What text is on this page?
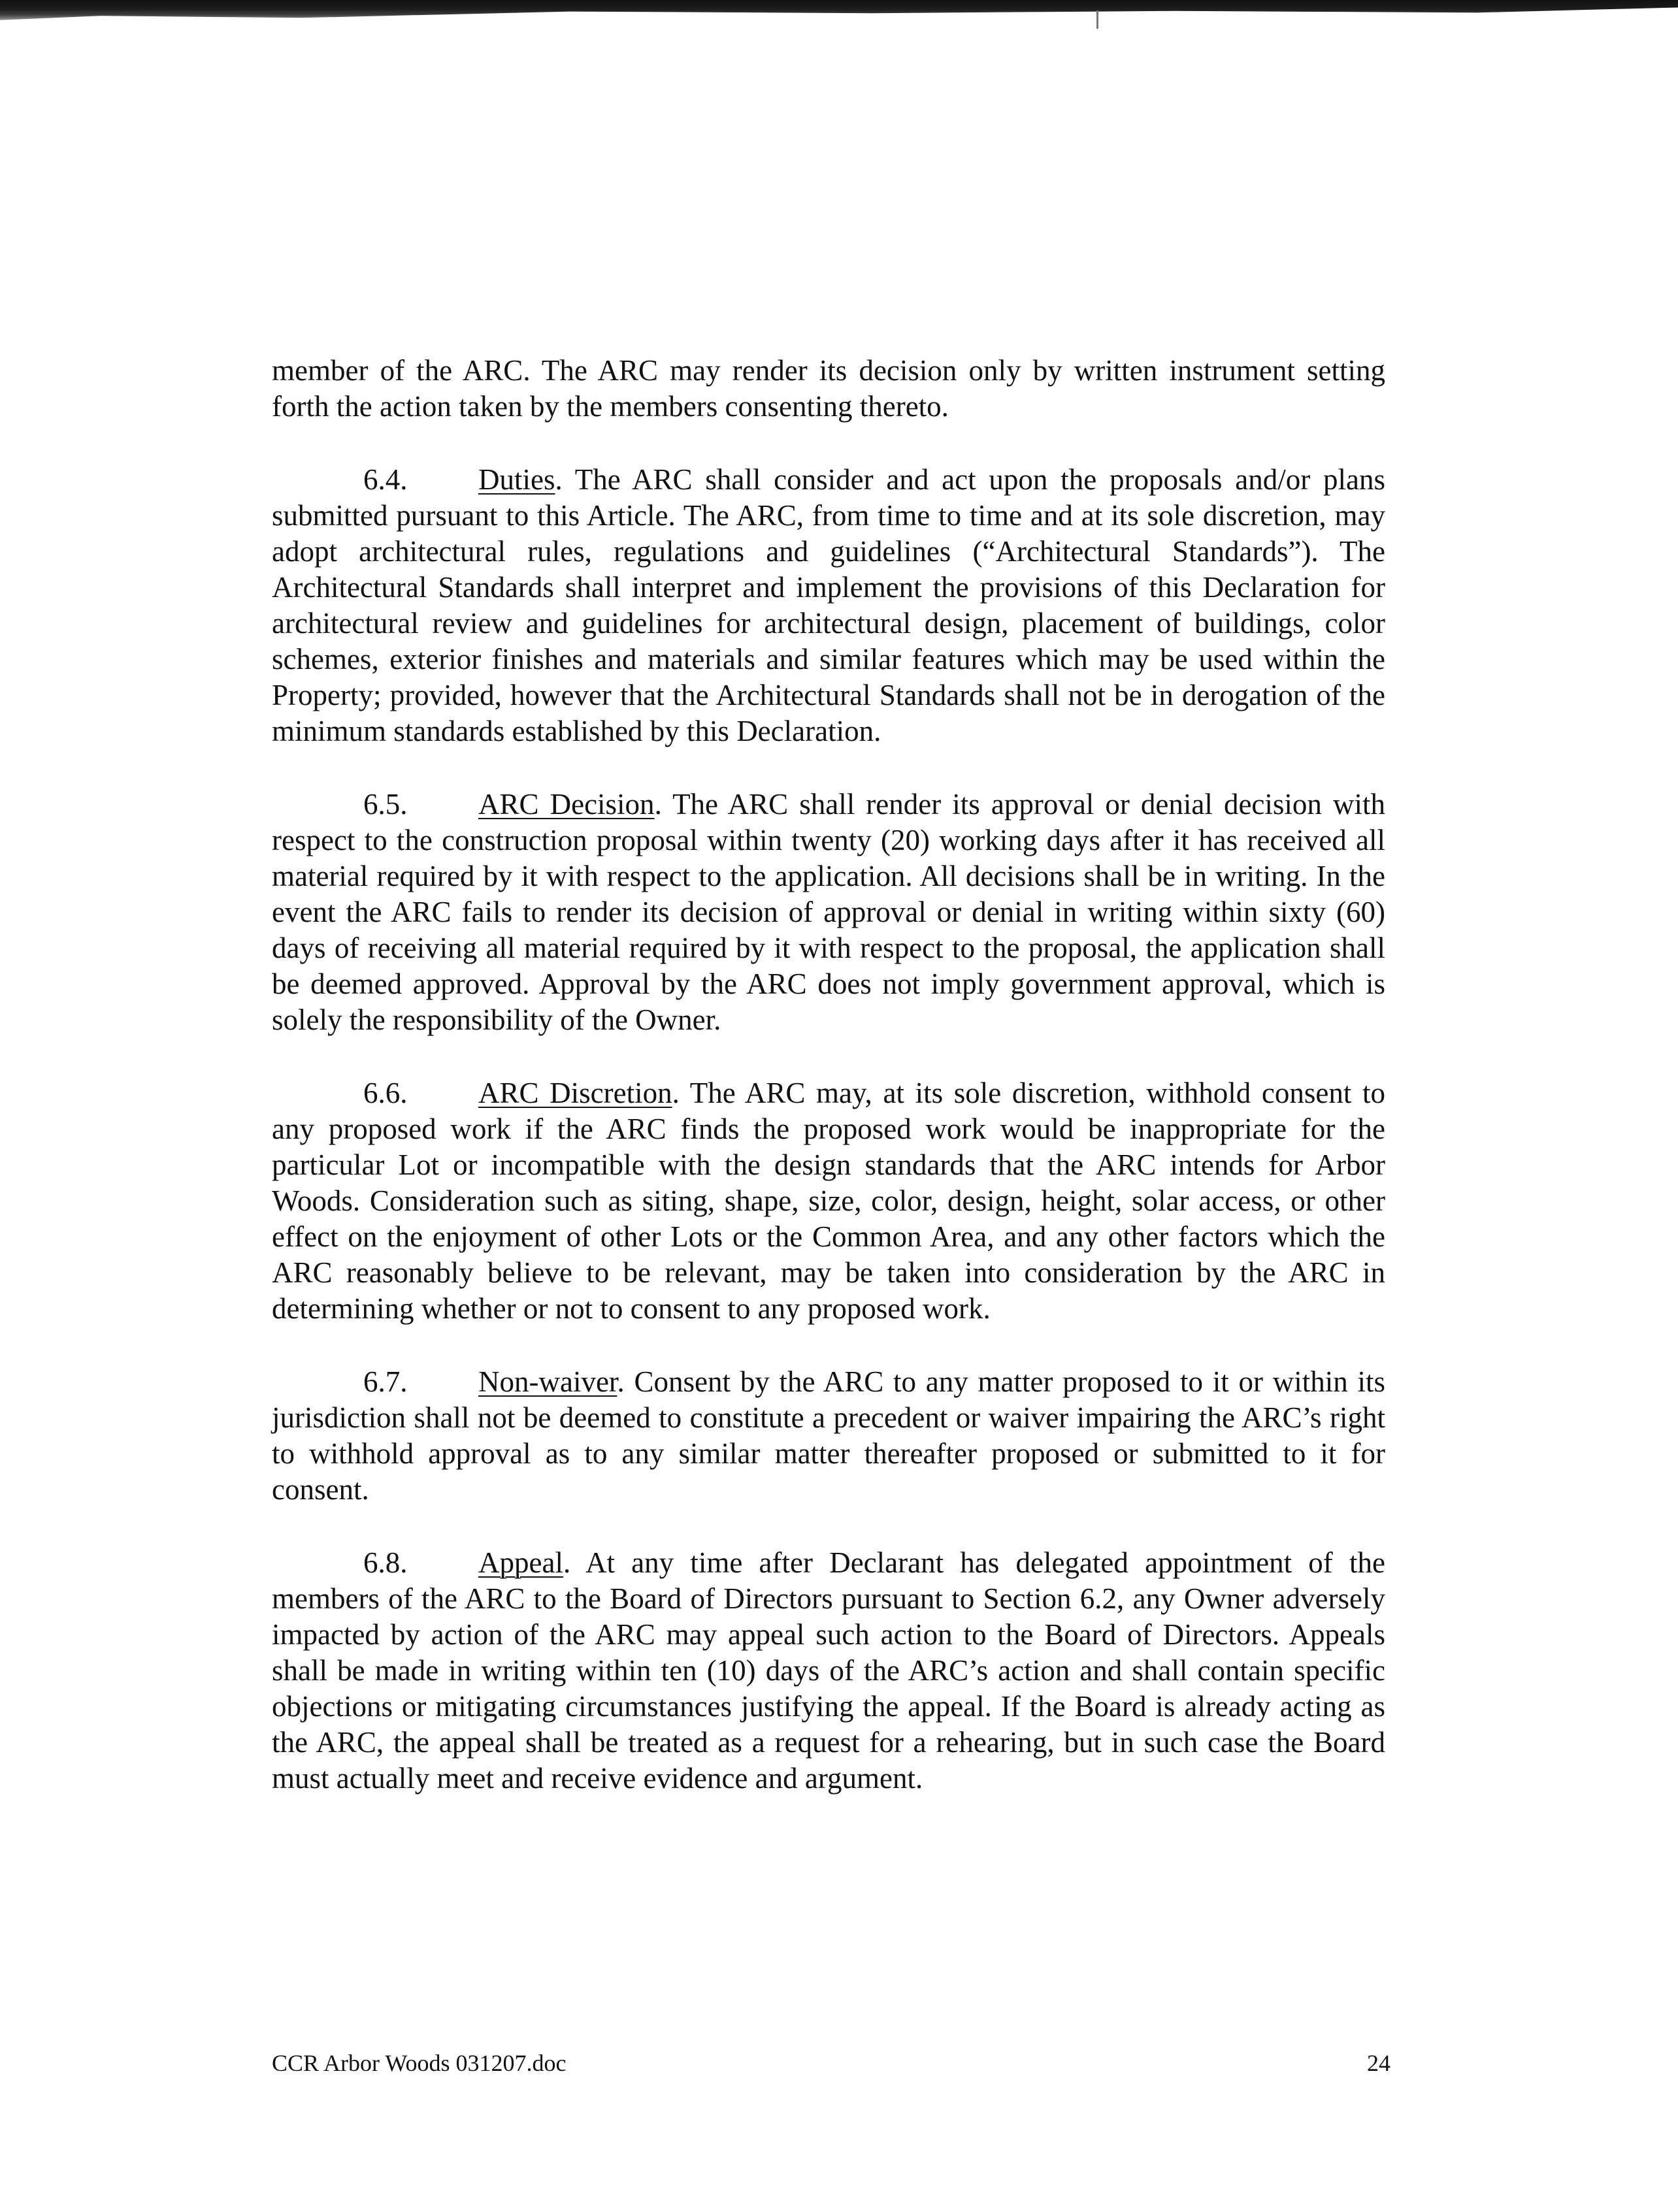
member of the ARC. The ARC may render its decision only by written instrument setting forth the action taken by the members consenting thereto.

6.4. Duties. The ARC shall consider and act upon the proposals and/or plans submitted pursuant to this Article. The ARC, from time to time and at its sole discretion, may adopt architectural rules, regulations and guidelines (“Architectural Standards”). The Architectural Standards shall interpret and implement the provisions of this Declaration for architectural review and guidelines for architectural design, placement of buildings, color schemes, exterior finishes and materials and similar features which may be used within the Property; provided, however that the Architectural Standards shall not be in derogation of the minimum standards established by this Declaration.

6.5. ARC Decision. The ARC shall render its approval or denial decision with respect to the construction proposal within twenty (20) working days after it has received all material required by it with respect to the application. All decisions shall be in writing. In the event the ARC fails to render its decision of approval or denial in writing within sixty (60) days of receiving all material required by it with respect to the proposal, the application shall be deemed approved. Approval by the ARC does not imply government approval, which is solely the responsibility of the Owner.

6.6. ARC Discretion. The ARC may, at its sole discretion, withhold consent to any proposed work if the ARC finds the proposed work would be inappropriate for the particular Lot or incompatible with the design standards that the ARC intends for Arbor Woods. Consideration such as siting, shape, size, color, design, height, solar access, or other effect on the enjoyment of other Lots or the Common Area, and any other factors which the ARC reasonably believe to be relevant, may be taken into consideration by the ARC in determining whether or not to consent to any proposed work.

6.7. Non-waiver. Consent by the ARC to any matter proposed to it or within its jurisdiction shall not be deemed to constitute a precedent or waiver impairing the ARC’s right to withhold approval as to any similar matter thereafter proposed or submitted to it for consent.

6.8. Appeal. At any time after Declarant has delegated appointment of the members of the ARC to the Board of Directors pursuant to Section 6.2, any Owner adversely impacted by action of the ARC may appeal such action to the Board of Directors. Appeals shall be made in writing within ten (10) days of the ARC’s action and shall contain specific objections or mitigating circumstances justifying the appeal. If the Board is already acting as the ARC, the appeal shall be treated as a request for a rehearing, but in such case the Board must actually meet and receive evidence and argument.

CCR Arbor Woods 031207.doc	24
